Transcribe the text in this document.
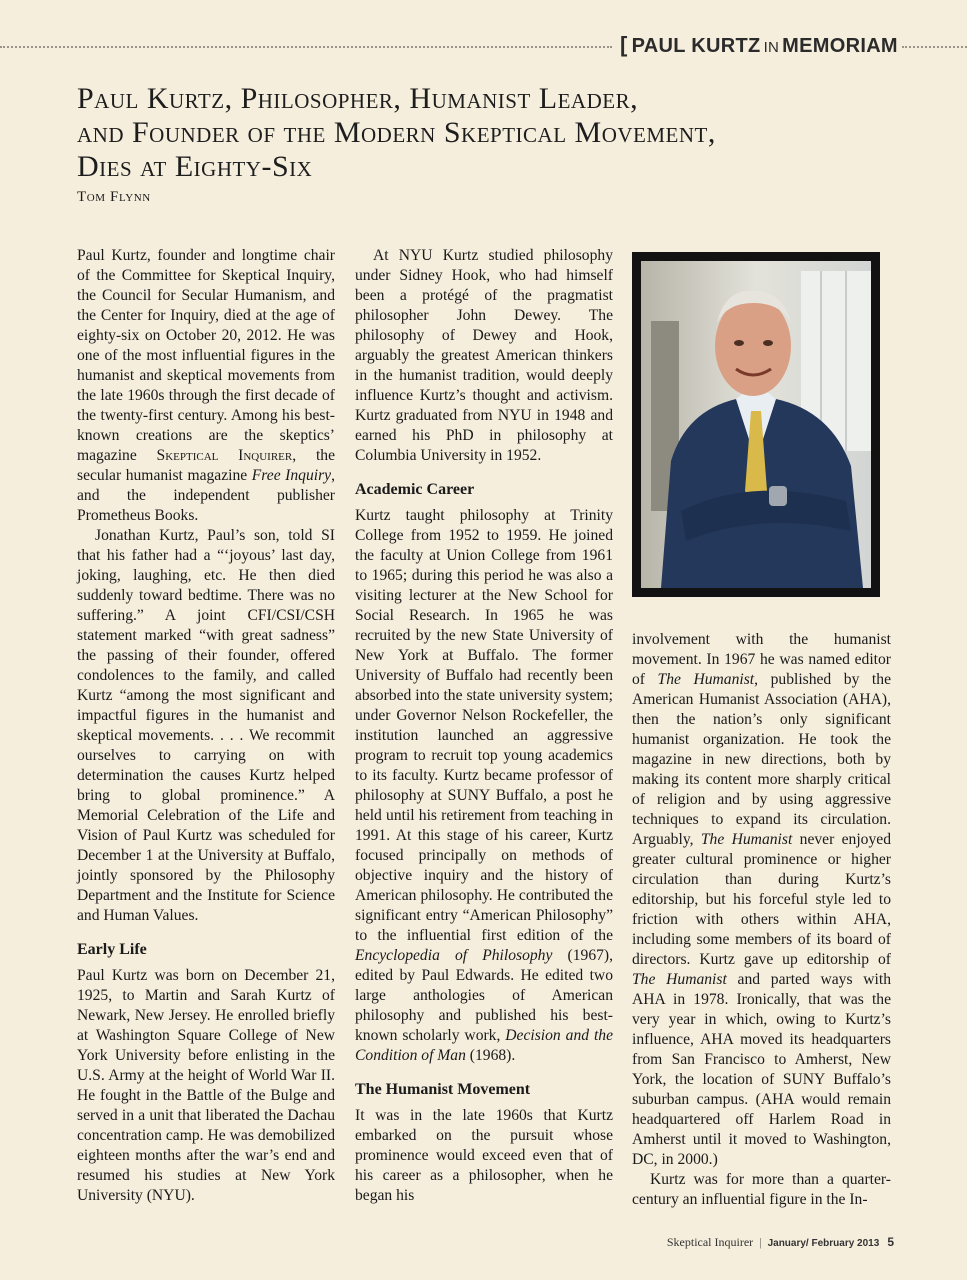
[ PAUL KURTZ IN MEMORIAM
Paul Kurtz, Philosopher, Humanist Leader,
and Founder of the Modern Skeptical Movement,
Dies at Eighty-Six
Tom Flynn

Paul Kurtz, founder and longtime chair of the Committee for Skeptical Inquiry, the Council for Secular Humanism, and the Center for Inquiry, died at the age of eighty-six on October 20, 2012. He was one of the most influential figures in the humanist and skeptical movements from the late 1960s through the first decade of the twenty-first century. Among his best-known creations are the skeptics’ magazine Skeptical Inquirer, the secular humanist magazine Free Inquiry, and the independent publisher Prometheus Books.

Jonathan Kurtz, Paul’s son, told SI that his father had a “‘joyous’ last day, joking, laughing, etc. He then died suddenly toward bedtime. There was no suffering.” A joint CFI/CSI/CSH statement marked “with great sadness” the passing of their founder, offered condolences to the family, and called Kurtz “among the most significant and impactful figures in the humanist and skeptical movements. . . . We recommit ourselves to carrying on with determination the causes Kurtz helped bring to global prominence.” A Memorial Celebration of the Life and Vision of Paul Kurtz was scheduled for December 1 at the University at Buffalo, jointly sponsored by the Philosophy Department and the Institute for Science and Human Values.

Early Life

Paul Kurtz was born on December 21, 1925, to Martin and Sarah Kurtz of Newark, New Jersey. He enrolled briefly at Washington Square College of New York University before enlisting in the U.S. Army at the height of World War II. He fought in the Battle of the Bulge and served in a unit that liberated the Dachau concentration camp. He was demobilized eighteen months after the war’s end and resumed his studies at New York University (NYU).

At NYU Kurtz studied philosophy under Sidney Hook, who had himself been a protégé of the pragmatist philosopher John Dewey. The philosophy of Dewey and Hook, arguably the greatest American thinkers in the humanist tradition, would deeply influence Kurtz’s thought and activism. Kurtz graduated from NYU in 1948 and earned his PhD in philosophy at Columbia University in 1952.

Academic Career

Kurtz taught philosophy at Trinity College from 1952 to 1959. He joined the faculty at Union College from 1961 to 1965; during this period he was also a visiting lecturer at the New School for Social Research. In 1965 he was recruited by the new State University of New York at Buffalo. The former University of Buffalo had recently been absorbed into the state university system; under Governor Nelson Rockefeller, the institution launched an aggressive program to recruit top young academics to its faculty. Kurtz became professor of philosophy at SUNY Buffalo, a post he held until his retirement from teaching in 1991. At this stage of his career, Kurtz focused principally on methods of objective inquiry and the history of American philosophy. He contributed the significant entry “American Philosophy” to the influential first edition of the Encyclopedia of Philosophy (1967), edited by Paul Edwards. He edited two large anthologies of American philosophy and published his best-known scholarly work, Decision and the Condition of Man (1968).

The Humanist Movement

It was in the late 1960s that Kurtz embarked on the pursuit whose prominence would exceed even that of his career as a philosopher, when he began his

involvement with the humanist movement. In 1967 he was named editor of The Humanist, published by the American Humanist Association (AHA), then the nation’s only significant humanist organization. He took the magazine in new directions, both by making its content more sharply critical of religion and by using aggressive techniques to expand its circulation. Arguably, The Humanist never enjoyed greater cultural prominence or higher circulation than during Kurtz’s editorship, but his forceful style led to friction with others within AHA, including some members of its board of directors. Kurtz gave up editorship of The Humanist and parted ways with AHA in 1978. Ironically, that was the very year in which, owing to Kurtz’s influence, AHA moved its headquarters from San Francisco to Amherst, New York, the location of SUNY Buffalo’s suburban campus. (AHA would remain headquartered off Harlem Road in Amherst until it moved to Washington, DC, in 2000.)

Kurtz was for more than a quarter-century an influential figure in the In-

Skeptical Inquirer | January/ February 2013 5
